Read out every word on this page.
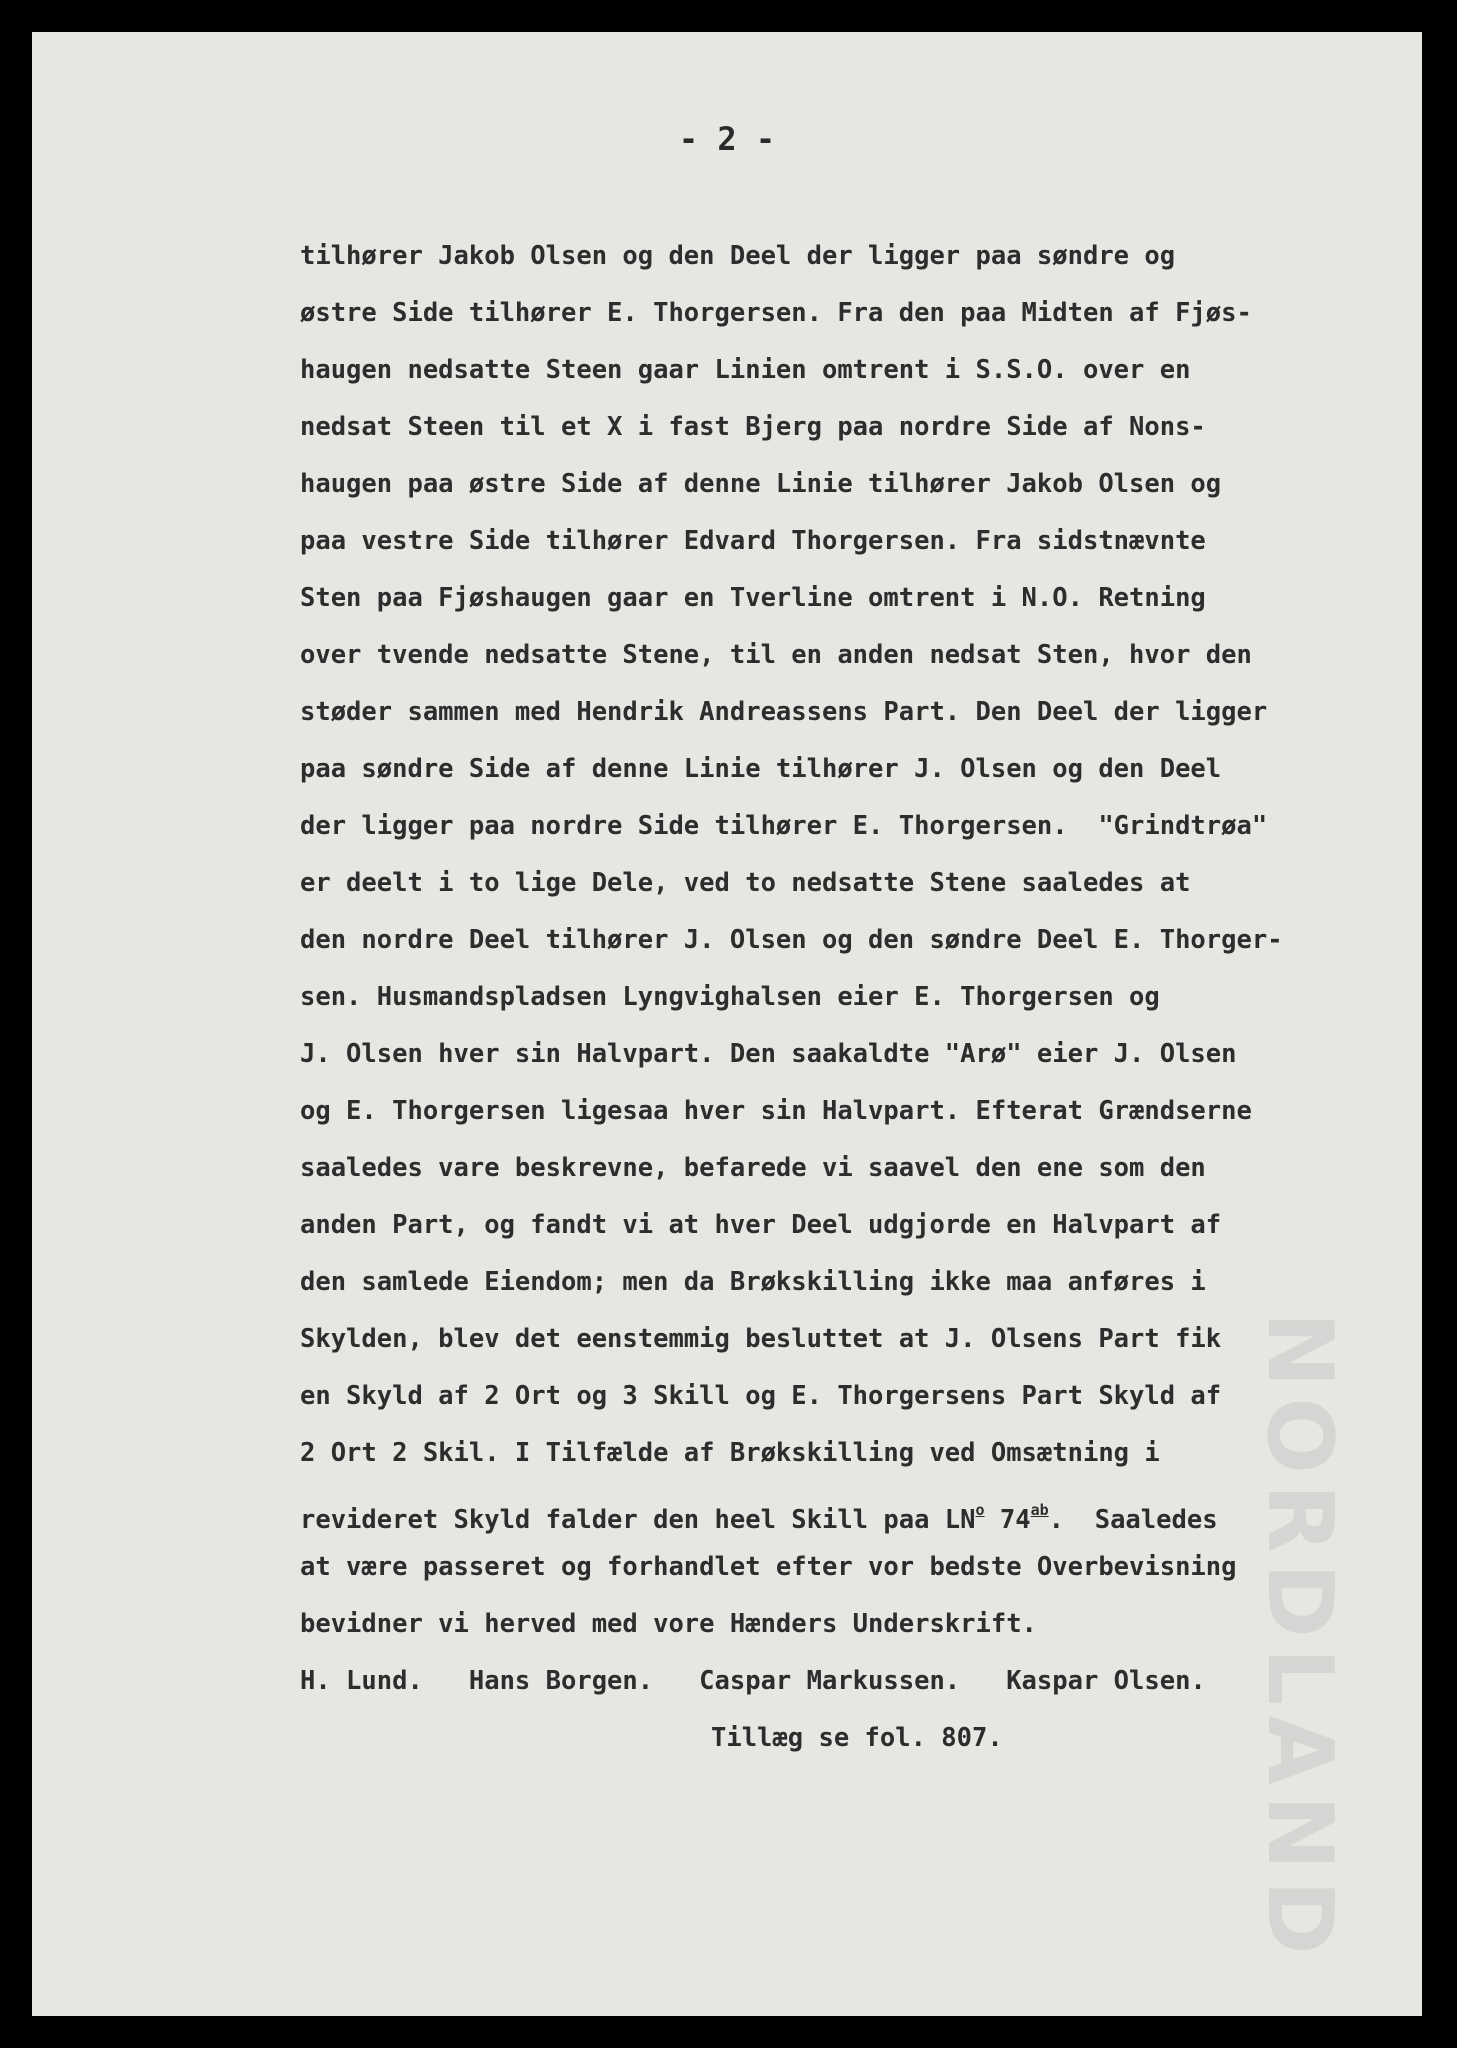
NORDLAND
- 2 -
tilhører Jakob Olsen og den Deel der ligger paa søndre og
østre Side tilhører E. Thorgersen. Fra den paa Midten af Fjøs-
haugen nedsatte Steen gaar Linien omtrent i S.S.O. over en
nedsat Steen til et X i fast Bjerg paa nordre Side af Nons-
haugen paa østre Side af denne Linie tilhører Jakob Olsen og
paa vestre Side tilhører Edvard Thorgersen. Fra sidstnævnte
Sten paa Fjøshaugen gaar en Tverline omtrent i N.O. Retning
over tvende nedsatte Stene, til en anden nedsat Sten, hvor den
støder sammen med Hendrik Andreassens Part. Den Deel der ligger
paa søndre Side af denne Linie tilhører J. Olsen og den Deel
der ligger paa nordre Side tilhører E. Thorgersen.  "Grindtrøa"
er deelt i to lige Dele, ved to nedsatte Stene saaledes at
den nordre Deel tilhører J. Olsen og den søndre Deel E. Thorger-
sen. Husmandspladsen Lyngvighalsen eier E. Thorgersen og
J. Olsen hver sin Halvpart. Den saakaldte "Arø" eier J. Olsen
og E. Thorgersen ligesaa hver sin Halvpart. Efterat Grændserne
saaledes vare beskrevne, befarede vi saavel den ene som den
anden Part, og fandt vi at hver Deel udgjorde en Halvpart af
den samlede Eiendom; men da Brøkskilling ikke maa anføres i
Skylden, blev det eenstemmig besluttet at J. Olsens Part fik
en Skyld af 2 Ort og 3 Skill og E. Thorgersens Part Skyld af
2 Ort 2 Skil. I Tilfælde af Brøkskilling ved Omsætning i
revideret Skyld falder den heel Skill paa $LN^o$ $74^{ab}$.  Saaledes
at være passeret og forhandlet efter vor bedste Overbevisning
bevidner vi herved med vore Hænders Underskrift.
H. Lund.   Hans Borgen.   Caspar Markussen.   Kaspar Olsen.
Tillæg se fol. 807.
